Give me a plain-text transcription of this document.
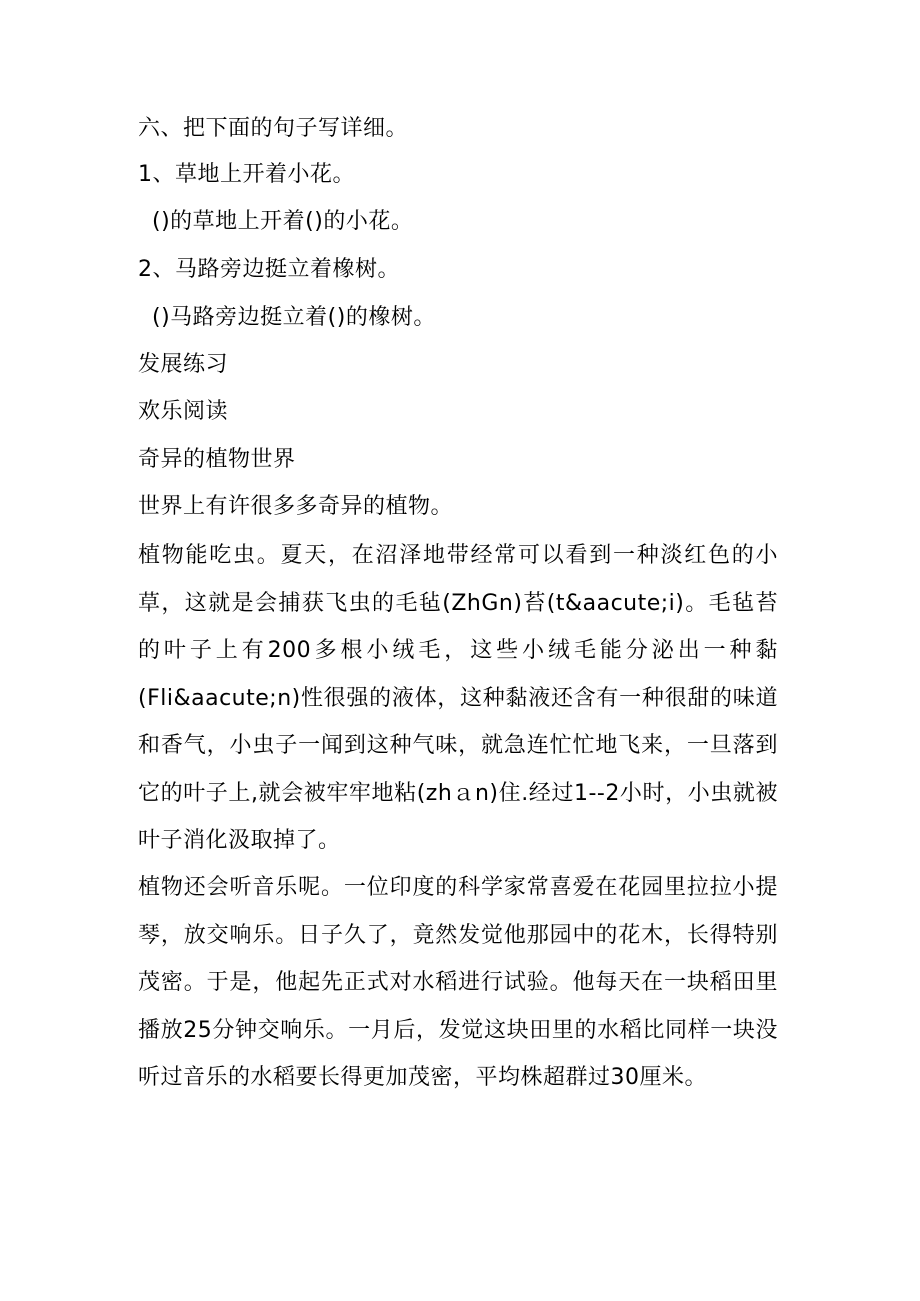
六、把下面的句子写详细。
1、草地上开着小花。
()的草地上开着()的小花。
2、马路旁边挺立着橡树。
()马路旁边挺立着()的橡树。
发展练习
欢乐阅读
奇异的植物世界
世界上有许很多多奇异的植物。
植物能吃虫。夏天，在沼泽地带经常可以看到一种淡红色的小草，这就是会捕获飞虫的毛毡(ZhGn)苔(t&aacute;i)。毛毡苔的叶子上有200多根小绒毛，这些小绒毛能分泌出一种黏(Fli&aacute;n)性很强的液体，这种黏液还含有一种很甜的味道和香气，小虫子一闻到这种气味，就急连忙忙地飞来，一旦落到它的叶子上,就会被牢牢地粘(zhａn)住.经过1--2小时，小虫就被叶子消化汲取掉了。
植物还会听音乐呢。一位印度的科学家常喜爱在花园里拉拉小提琴，放交响乐。日子久了，竟然发觉他那园中的花木，长得特别茂密。于是，他起先正式对水稻进行试验。他每天在一块稻田里播放25分钟交响乐。一月后，发觉这块田里的水稻比同样一块没听过音乐的水稻要长得更加茂密，平均株超群过30厘米。
